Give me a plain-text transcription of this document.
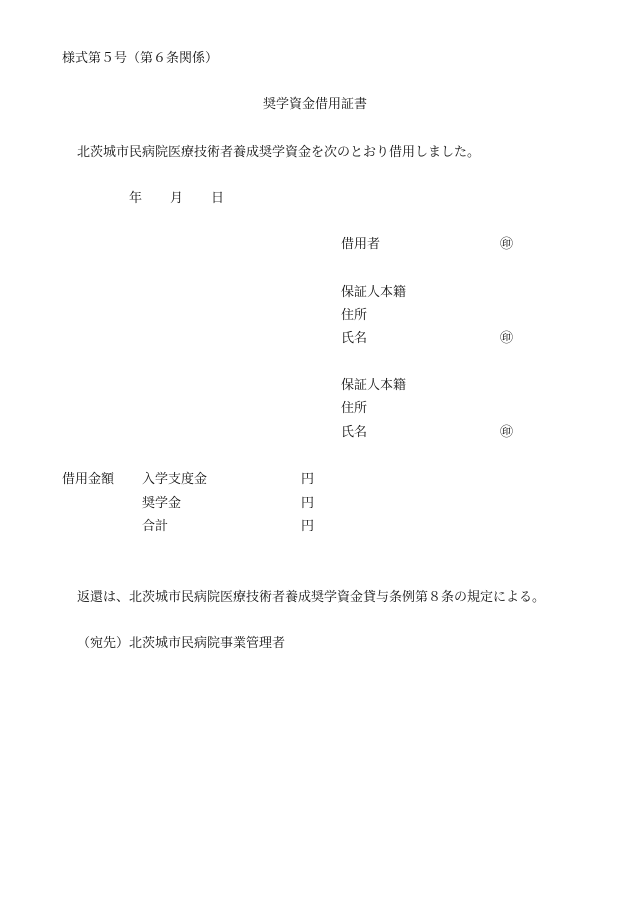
様式第５号（第６条関係）
奨学資金借用証書
北茨城市民病院医療技術者養成奨学資金を次のとおり借用しました。
年 月 日
借用者	㊞
保証人本籍
住所
氏名	㊞
保証人本籍
住所
氏名	㊞
借用金額 入学支度金	円
奨学金	円
合計	円
返還は、北茨城市民病院医療技術者養成奨学資金貸与条例第８条の規定による。
（宛先）北茨城市民病院事業管理者
